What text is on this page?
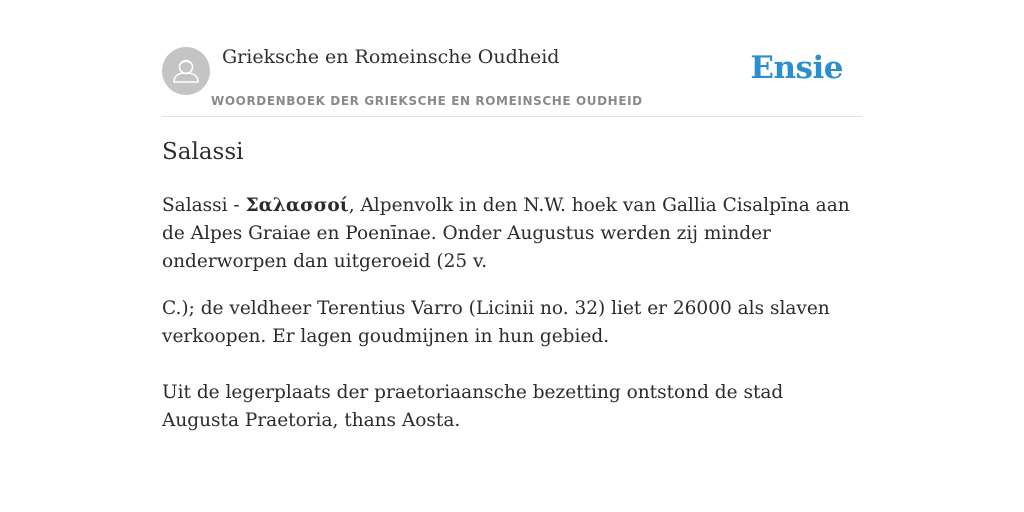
Grieksche en Romeinsche Oudheid
WOORDENBOEK DER GRIEKSCHE EN ROMEINSCHE OUDHEID
Ensie
Salassi

Salassi - Σαλασσοί, Alpenvolk in den N.W. hoek van Gallia Cisalpīna aan de Alpes Graiae en Poenīnae. Onder Augustus werden zij minder onderworpen dan uitgeroeid (25 v.

C.); de veldheer Terentius Varro (Licinii no. 32) liet er 26000 als slaven verkoopen. Er lagen goudmijnen in hun gebied.

Uit de legerplaats der praetoriaansche bezetting ontstond de stad Augusta Praetoria, thans Aosta.
